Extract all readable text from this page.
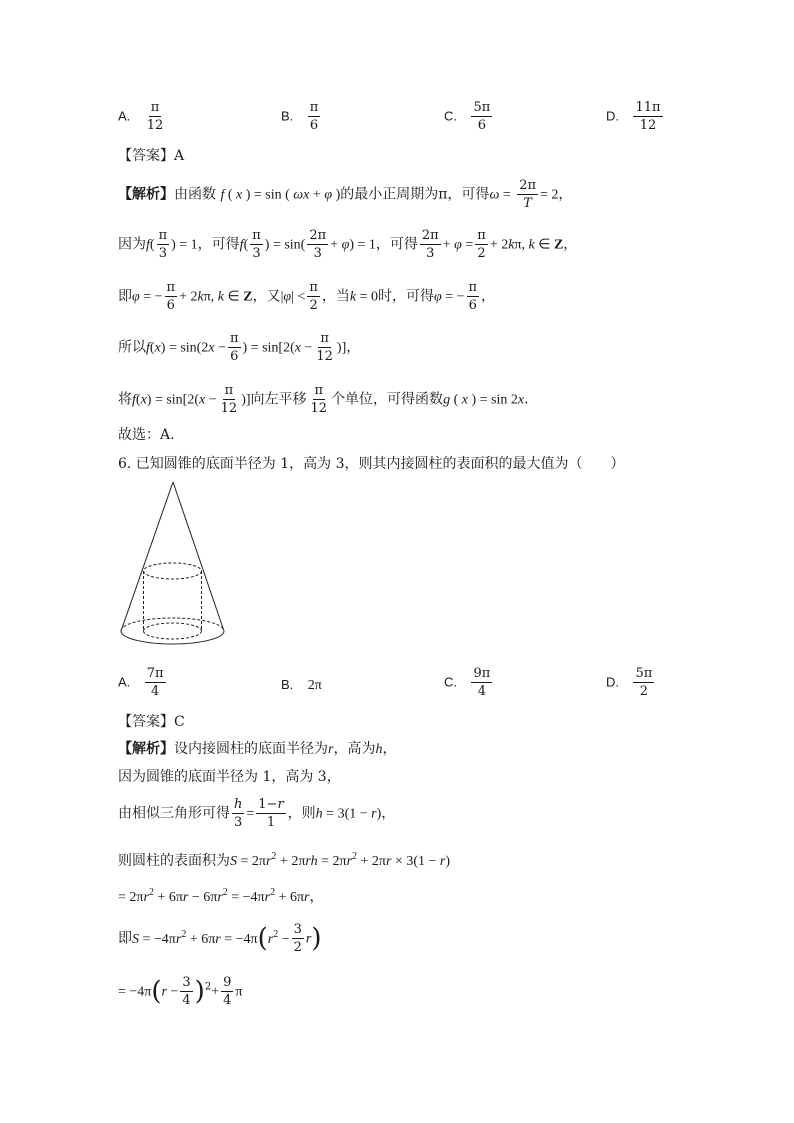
A. $\frac{\pi}{12}$	B. $\frac{\pi}{6}$	C. $\frac{5\pi}{6}$	D. $\frac{11\pi}{12}$
【答案】A
【解析】由函数 f ( x ) = sin ( ωx + φ )的最小正周期为π，可得$\omega = \frac{2\pi}{T} = 2$，
因为$f( \frac{\pi}{3}$ ) = 1，可得$f( \frac{\pi}{3}$ ) = $\sin( \frac{2\pi}{3} + \varphi) = 1$，可得 $\frac{2\pi}{3} + \varphi = \frac{\pi}{2} + 2k\pi$, k ∈ Z，
即φ = − $\frac{\pi}{6} + 2k\pi$, k ∈ Z，又$|\varphi| < \frac{\pi}{2}$ ，当k = 0时，可得φ = − $\frac{\pi}{6}$ ，
所以$f(x) = \sin(2x - \frac{\pi}{6}$ ) = $\sin[2(x - \frac{\pi}{12}$ )]，
将$f(x) = \sin[2(x - \frac{\pi}{12}$ )]向左平移 $\frac{\pi}{12}$ 个单位，可得函数g ( x ) = sin 2x.
故选：A.
6. 已知圆锥的底面半径为 1，高为 3，则其内接圆柱的表面积的最大值为（　　）
A. $\frac{7\pi}{4}$	B. 2π	C. $\frac{9\pi}{4}$	D. $\frac{5\pi}{2}$
【答案】C
【解析】设内接圆柱的底面半径为r，高为h，
因为圆锥的底面半径为 1，高为 3，
由相似三角形可得 $\frac{h}{3} = \frac{1-r}{1}$ ，则h = 3(1 − r)，
则圆柱的表面积为$S = 2\pi r^2 + 2\pi rh = 2\pi r^2 + 2\pi r \times 3(1 - r)$
= $2\pi r^2 + 6\pi r - 6\pi r^2 = -4\pi r^2 + 6\pi r$，
即$S = -4\pi r^2 + 6\pi r = -4\pi(r^2 - \frac{3}{2} r)$
= $-4\pi(r - \frac{3}{4} )^2+ \frac{9}{4}$ π
